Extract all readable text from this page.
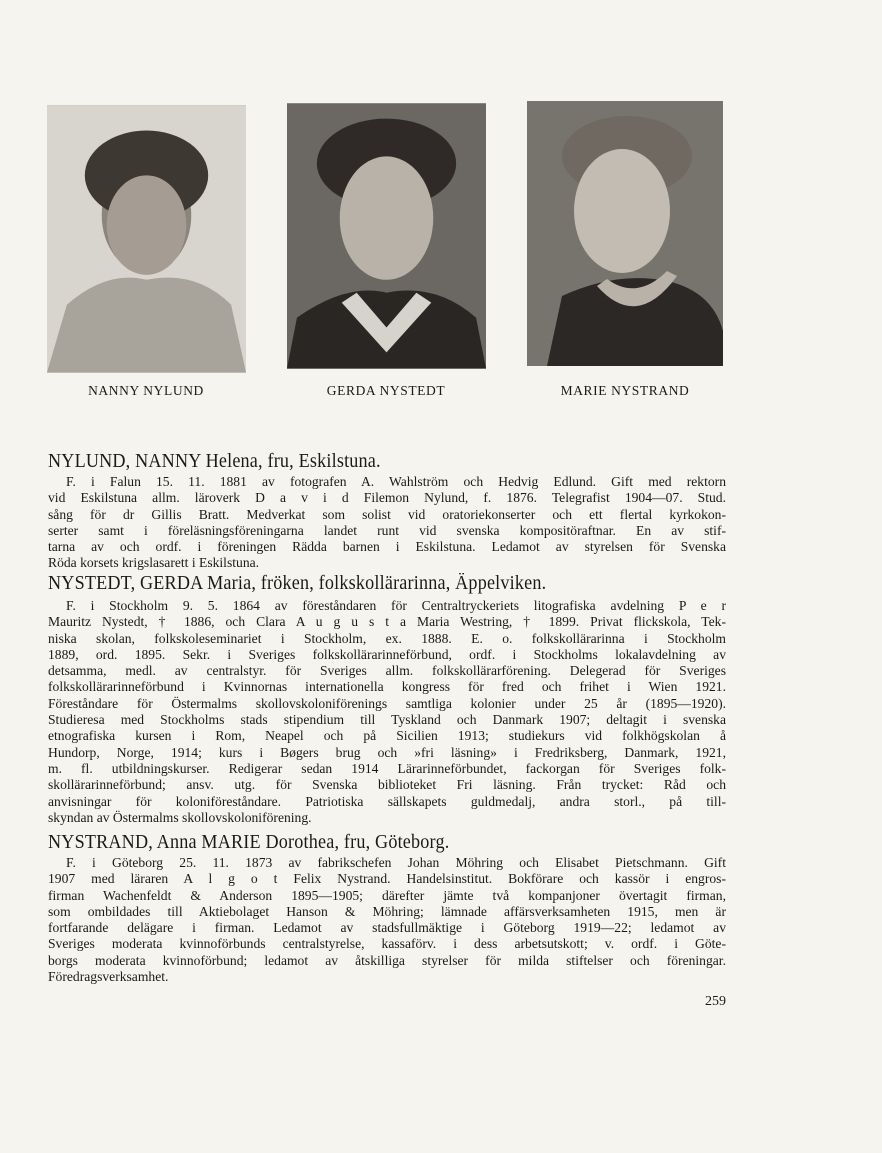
NANNY NYLUND	GERDA NYSTEDT	MARIE NYSTRAND
NYLUND, NANNY Helena, fru, Eskilstuna.
F. i Falun 15. 11. 1881 av fotografen A. Wahlström och Hedvig Edlund. Gift med rektorn
vid Eskilstuna allm. läroverk D a v i d Filemon Nylund, f. 1876. Telegrafist 1904—07. Stud.
sång för dr Gillis Bratt. Medverkat som solist vid oratoriekonserter och ett flertal kyrkokon-
serter samt i föreläsningsföreningarna landet runt vid svenska kompositöraftnar. En av stif-
tarna av och ordf. i föreningen Rädda barnen i Eskilstuna. Ledamot av styrelsen för Svenska
Röda korsets krigslasarett i Eskilstuna.
NYSTEDT, GERDA Maria, fröken, folkskollärarinna, Äppelviken.
F. i Stockholm 9. 5. 1864 av föreståndaren för Centraltryckeriets litografiska avdelning P e r
Mauritz Nystedt, † 1886, och Clara A u g u s t a Maria Westring, † 1899. Privat flickskola, Tek-
niska skolan, folkskoleseminariet i Stockholm, ex. 1888. E. o. folkskollärarinna i Stockholm
1889, ord. 1895. Sekr. i Sveriges folkskollärarinneförbund, ordf. i Stockholms lokalavdelning av
detsamma, medl. av centralstyr. för Sveriges allm. folkskollärarförening. Delegerad för Sveriges
folkskollärarinneförbund i Kvinnornas internationella kongress för fred och frihet i Wien 1921.
Föreståndare för Östermalms skollovskoloniförenings samtliga kolonier under 25 år (1895—1920).
Studieresa med Stockholms stads stipendium till Tyskland och Danmark 1907; deltagit i svenska
etnografiska kursen i Rom, Neapel och på Sicilien 1913; studiekurs vid folkhögskolan å
Hundorp, Norge, 1914; kurs i Bøgers brug och »fri läsning» i Fredriksberg, Danmark, 1921,
m. fl. utbildningskurser. Redigerar sedan 1914 Lärarinneförbundet, fackorgan för Sveriges folk-
skollärarinneförbund; ansv. utg. för Svenska biblioteket Fri läsning. Från trycket: Råd och
anvisningar för koloniföreståndare. Patriotiska sällskapets guldmedalj, andra storl., på till-
skyndan av Östermalms skollovskoloniförening.
NYSTRAND, Anna MARIE Dorothea, fru, Göteborg.
F. i Göteborg 25. 11. 1873 av fabrikschefen Johan Möhring och Elisabet Pietschmann. Gift
1907 med läraren A l g o t Felix Nystrand. Handelsinstitut. Bokförare och kassör i engros-
firman Wachenfeldt & Anderson 1895—1905; därefter jämte två kompanjoner övertagit firman,
som ombildades till Aktiebolaget Hanson & Möhring; lämnade affärsverksamheten 1915, men är
fortfarande delägare i firman. Ledamot av stadsfullmäktige i Göteborg 1919—22; ledamot av
Sveriges moderata kvinnoförbunds centralstyrelse, kassaförv. i dess arbetsutskott; v. ordf. i Göte-
borgs moderata kvinnoförbund; ledamot av åtskilliga styrelser för milda stiftelser och föreningar.
Föredragsverksamhet.
259
